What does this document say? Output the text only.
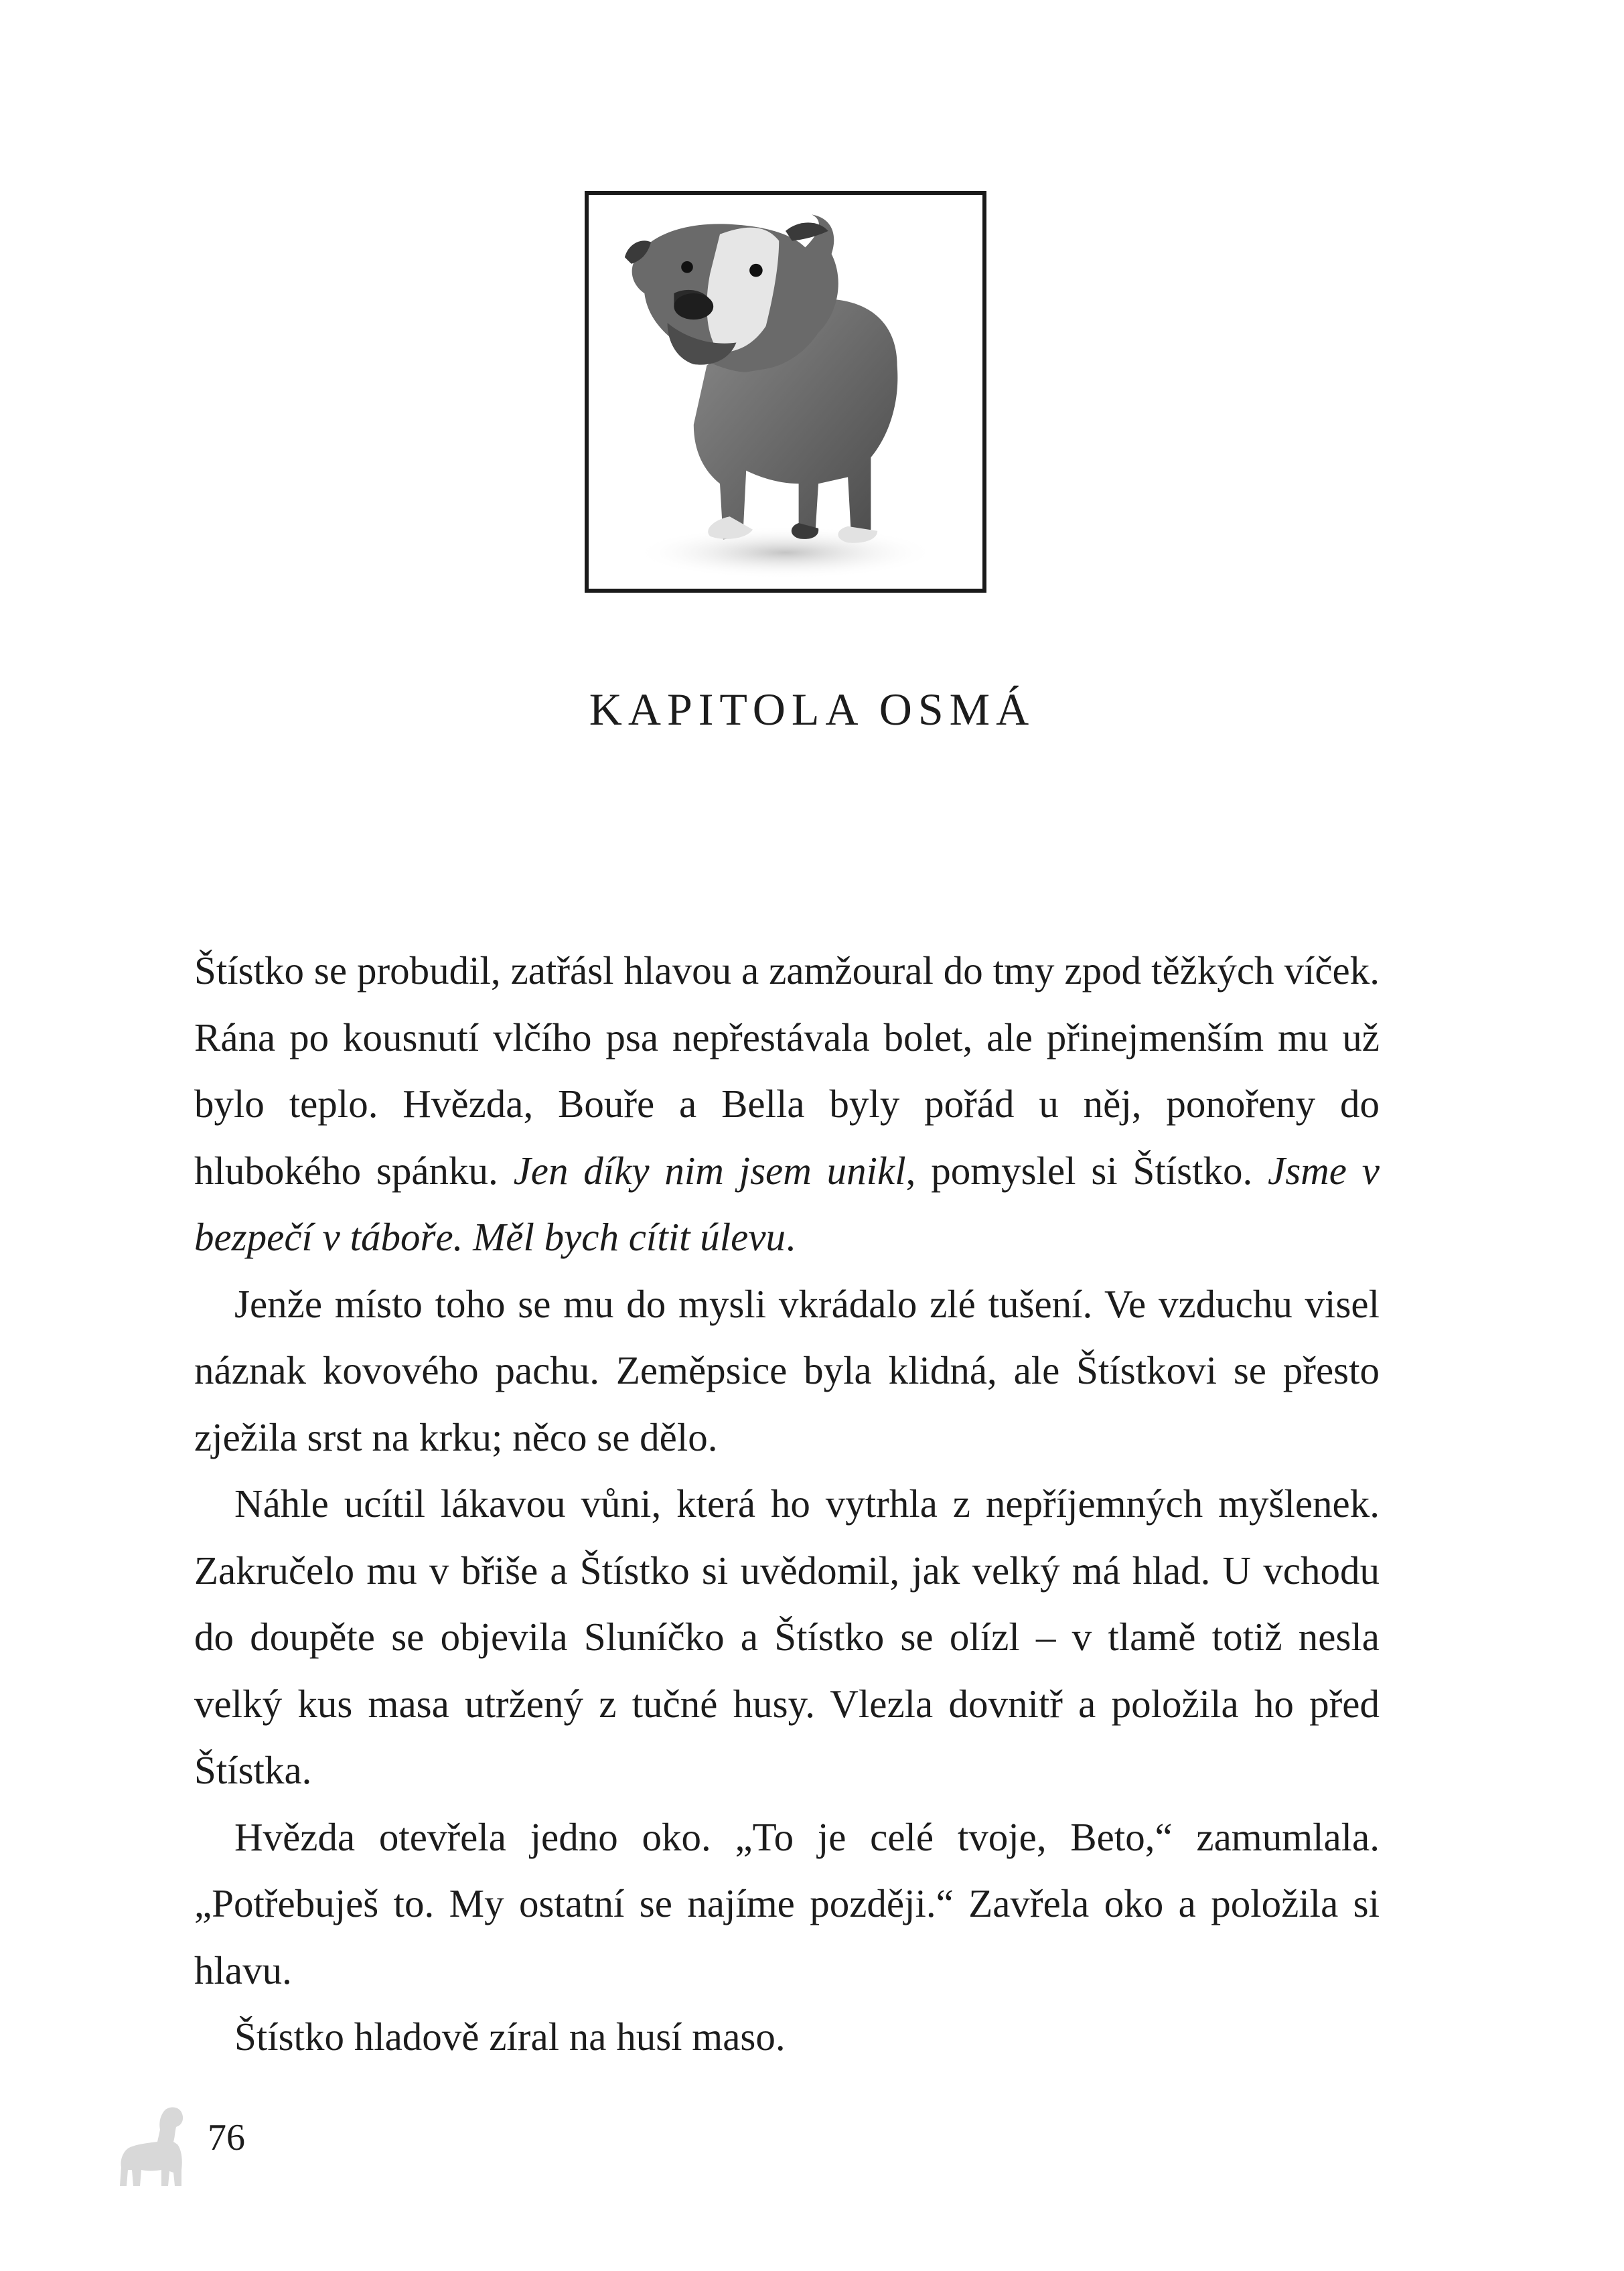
KAPITOLA OSMÁ

Štístko se probudil, zatřásl hlavou a zamžoural do tmy zpod těžkých víček. Rána po kousnutí vlčího psa nepřestávala bolet, ale přinejmenším mu už bylo teplo. Hvězda, Bouře a Bella byly pořád u něj, ponořeny do hlubokého spánku. Jen díky nim jsem unikl, pomyslel si Štístko. Jsme v bezpečí v táboře. Měl bych cítit úlevu.

Jenže místo toho se mu do mysli vkrádalo zlé tušení. Ve vzduchu visel náznak kovového pachu. Zeměpsice byla klidná, ale Štístkovi se přesto zježila srst na krku; něco se dělo.

Náhle ucítil lákavou vůni, která ho vytrhla z nepříjemných myšlenek. Zakručelo mu v břiše a Štístko si uvědomil, jak velký má hlad. U vchodu do doupěte se objevila Sluníčko a Štístko se olízl – v tlamě totiž nesla velký kus masa utržený z tučné husy. Vlezla dovnitř a položila ho před Štístka.

Hvězda otevřela jedno oko. „To je celé tvoje, Beto,“ zamumlala. „Potřebuješ to. My ostatní se najíme později.“ Zavřela oko a položila si hlavu.

Štístko hladově zíral na husí maso.

76
